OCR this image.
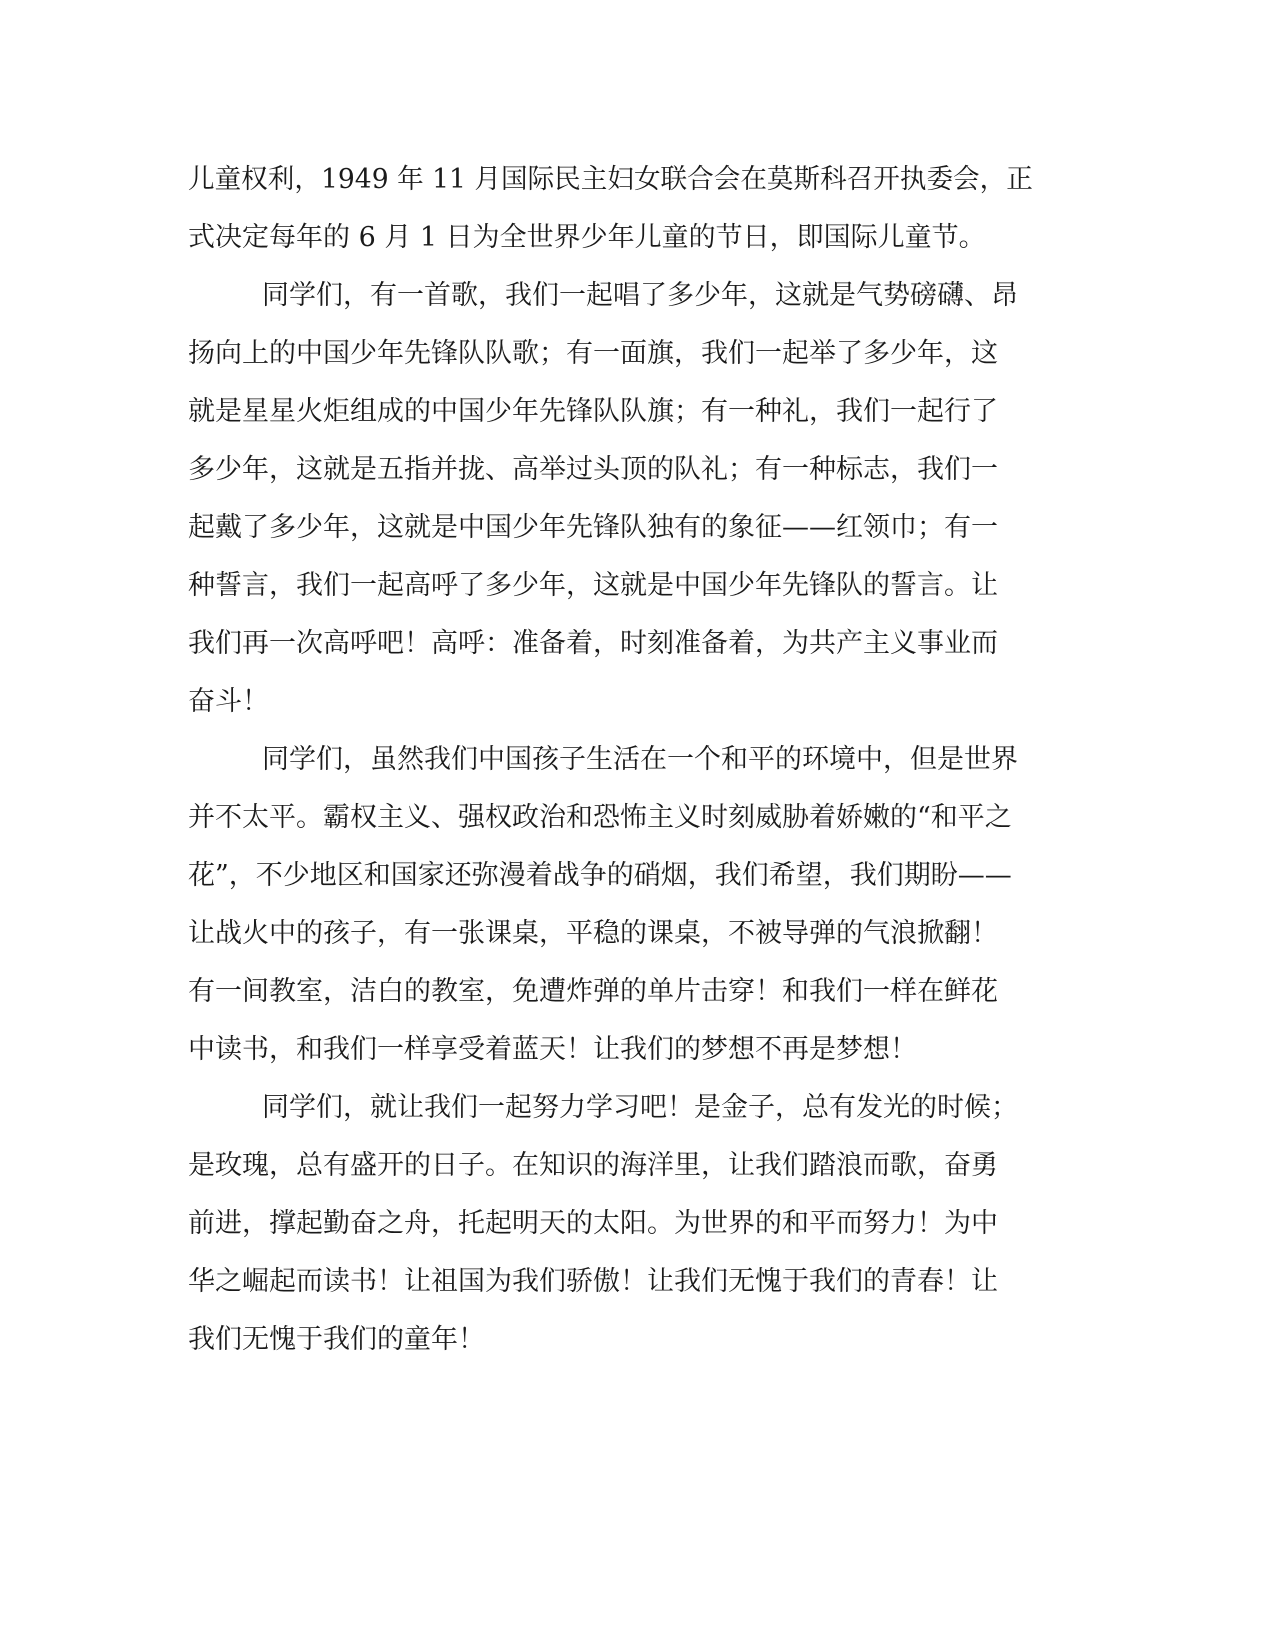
儿童权利，1949 年 11 月国际民主妇女联合会在莫斯科召开执委会，正
式决定每年的 6 月 1 日为全世界少年儿童的节日，即国际儿童节。
同学们，有一首歌，我们一起唱了多少年，这就是气势磅礴、昂
扬向上的中国少年先锋队队歌；有一面旗，我们一起举了多少年，这
就是星星火炬组成的中国少年先锋队队旗；有一种礼，我们一起行了
多少年，这就是五指并拢、高举过头顶的队礼；有一种标志，我们一
起戴了多少年，这就是中国少年先锋队独有的象征——红领巾；有一
种誓言，我们一起高呼了多少年，这就是中国少年先锋队的誓言。让
我们再一次高呼吧！高呼：准备着，时刻准备着，为共产主义事业而
奋斗！
同学们，虽然我们中国孩子生活在一个和平的环境中，但是世界
并不太平。霸权主义、强权政治和恐怖主义时刻威胁着娇嫩的“和平之
花”，不少地区和国家还弥漫着战争的硝烟，我们希望，我们期盼——
让战火中的孩子，有一张课桌，平稳的课桌，不被导弹的气浪掀翻！
有一间教室，洁白的教室，免遭炸弹的单片击穿！和我们一样在鲜花
中读书，和我们一样享受着蓝天！让我们的梦想不再是梦想！
同学们，就让我们一起努力学习吧！是金子，总有发光的时候；
是玫瑰，总有盛开的日子。在知识的海洋里，让我们踏浪而歌，奋勇
前进，撑起勤奋之舟，托起明天的太阳。为世界的和平而努力！为中
华之崛起而读书！让祖国为我们骄傲！让我们无愧于我们的青春！让
我们无愧于我们的童年！
